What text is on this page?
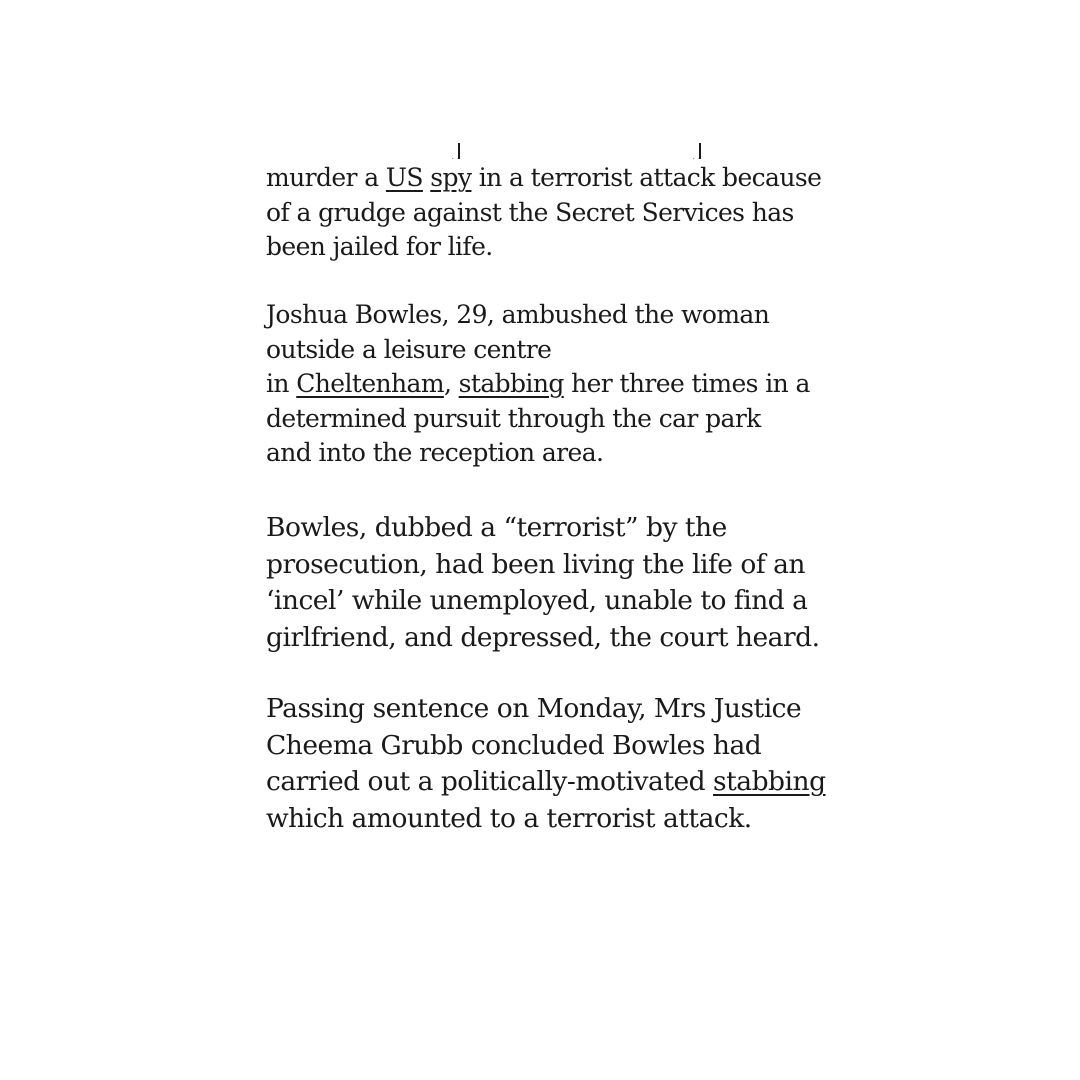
murder a US spy in a terrorist attack because
of a grudge against the Secret Services has
been jailed for life.

Joshua Bowles, 29, ambushed the woman
outside a leisure centre
in Cheltenham, stabbing her three times in a
determined pursuit through the car park
and into the reception area.

Bowles, dubbed a “terrorist” by the
prosecution, had been living the life of an
‘incel’ while unemployed, unable to find a
girlfriend, and depressed, the court heard.

Passing sentence on Monday, Mrs Justice
Cheema Grubb concluded Bowles had
carried out a politically-motivated stabbing
which amounted to a terrorist attack.
